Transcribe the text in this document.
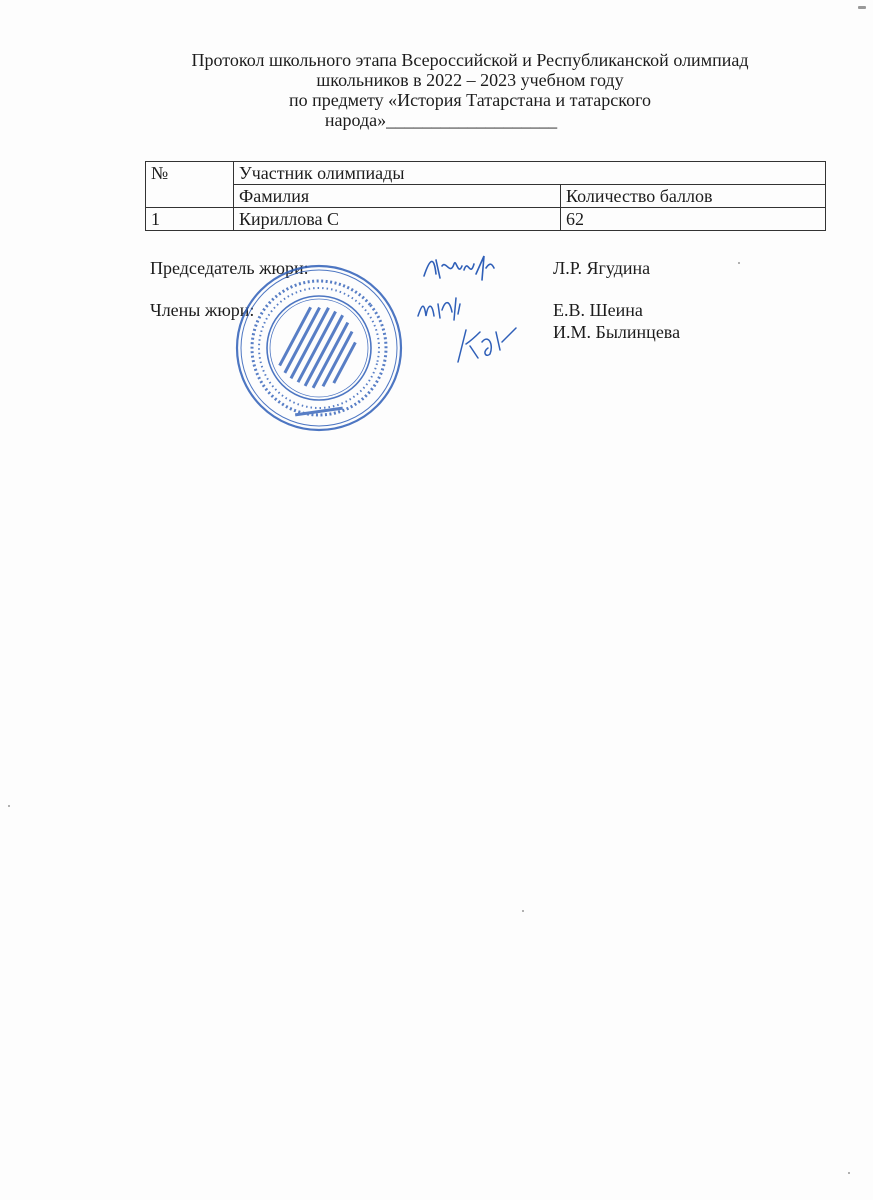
Протокол школьного этапа Всероссийской и Республиканской олимпиад
школьников в 2022 – 2023 учебном году
по предмету «История Татарстана и татарского
народа»___________________
№	Участник олимпиады	
	Фамилия	Количество баллов
1	Кириллова С	62
Председатель жюри:	Л.Р. Ягудина
Члены жюри:	Е.В. Шеина
И.М. Былинцева
